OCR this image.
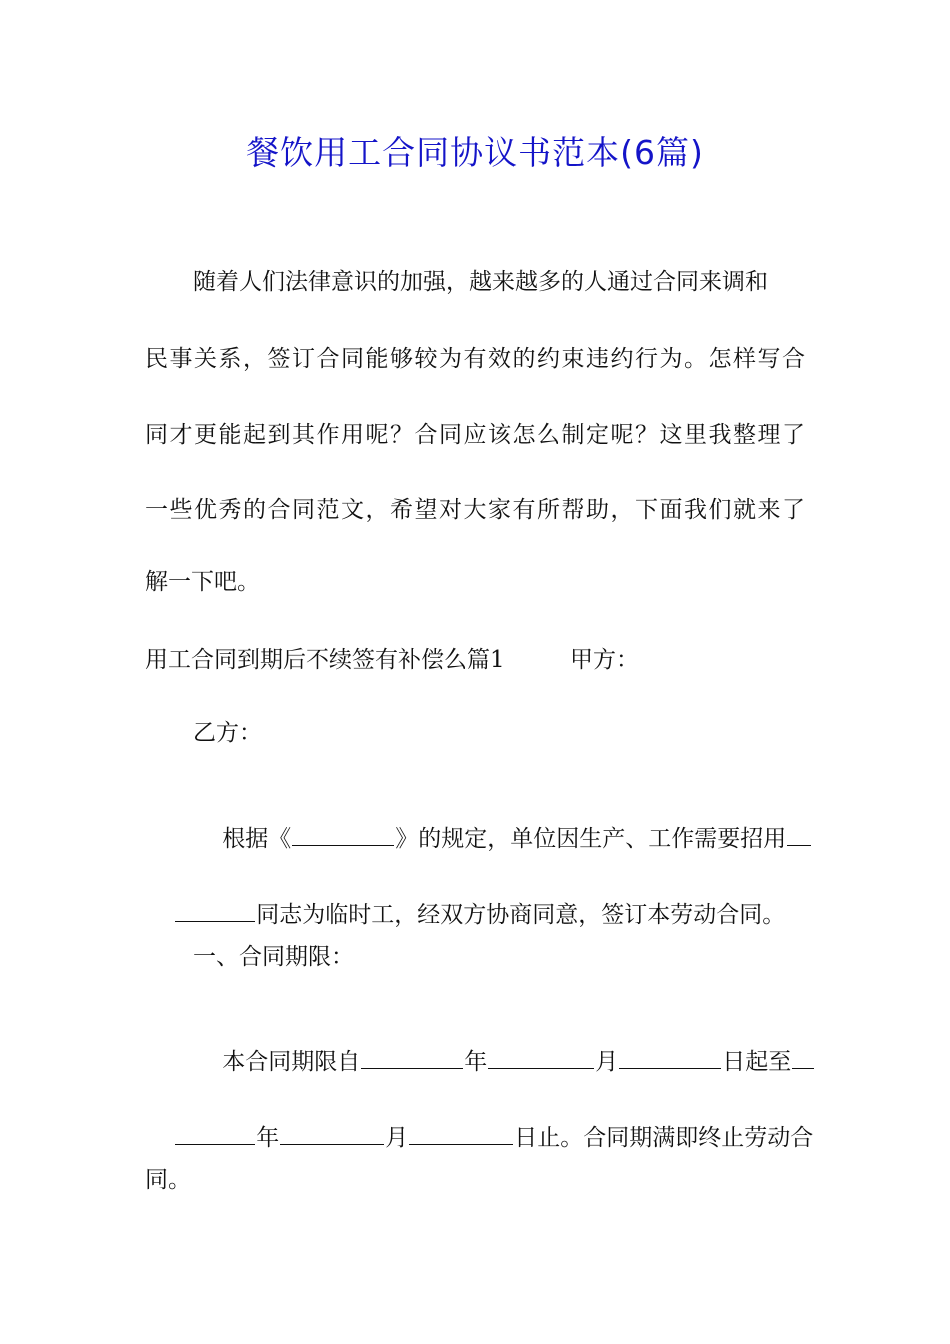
餐饮用工合同协议书范本(6篇)
随着人们法律意识的加强，越来越多的人通过合同来调和
民事关系，签订合同能够较为有效的约束违约行为。怎样写合
同才更能起到其作用呢？合同应该怎么制定呢？这里我整理了
一些优秀的合同范文，希望对大家有所帮助，下面我们就来了
解一下吧。
用工合同到期后不续签有补偿么篇1	甲方：
乙方：

根据《	》的规定，单位因生产、工作需要招用

同志为临时工，经双方协商同意，签订本劳动合同。

一、合同期限：

本合同期限自	年	月	日起至

年	月	日止。合同期满即终止劳动合

同。
